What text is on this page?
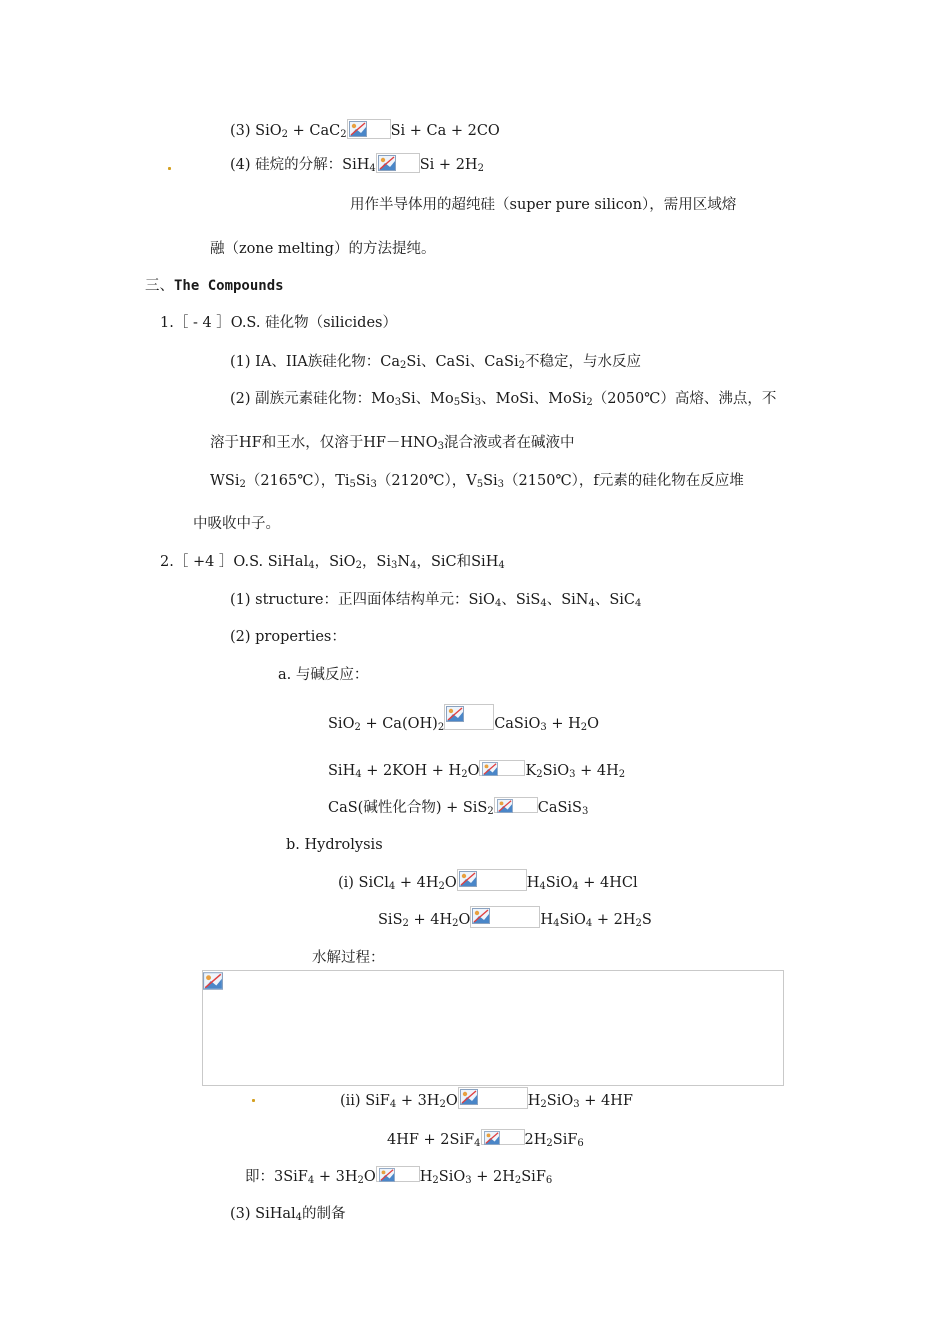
(3) SiO$_2$ + CaC$_2$	Si + Ca + 2CO
(4) 硅烷的分解：SiH$_4$	$Si + 2H_2$
用作半导体用的超纯硅（super pure silicon），需用区域熔
融（zone melting）的方法提纯。
三、The Compounds
1.［ - 4 ］O.S. 硅化物（silicides）
(1) IA、IIA族硅化物：$Ca_2Si$、CaSi、CaSi$_2$不稳定，与水反应
(2) 副族元素硅化物：$Mo_3Si$、$Mo_5Si_3$、MoSi、MoSi$_2$（2050℃）高熔、沸点，不
溶于HF和王水，仅溶于$HF-HNO_3$混合液或者在碱液中
WSi$_2$（2165℃），$Ti_5Si_3(2120℃)$，$V_5Si_3(2150℃)$，f元素的硅化物在反应堆
中吸收中子。
2.［ +4 ］O.S. SiHal$_4$，SiO$_2$，$Si_3N_4$，SiC和SiH$_4$
(1) structure：正四面体结构单元：SiO$_4$、SiS$_4$、SiN$_4$、SiC$_4$
(2) properties：
a. 与碱反应：
$SiO_2 + Ca(OH)_2$	CaSiO$_3$ + $H_2O$
$SiH_4 + 2KOH + H_2O$	$K_2SiO_3 + 4H_2$
CaS(碱性化合物) + SiS$_2$	CaSiS$_3$
b. Hydrolysis
(i) SiCl$_4$ + $4H_2O$	$H_4SiO_4 + 4HCl$
$SiS_2 + 4H_2O$	$H_4SiO_4 + 2H_2S$
水解过程：
(ii) $SiF_4 + 3H_2O$	$H_2SiO_3 + 4HF$
4HF + 2SiF$_4$	$2H_2SiF_6$
即：$3SiF_4 + 3H_2O$	$H_2SiO_3 + 2H_2SiF_6$
(3) SiHal$_4$的制备
